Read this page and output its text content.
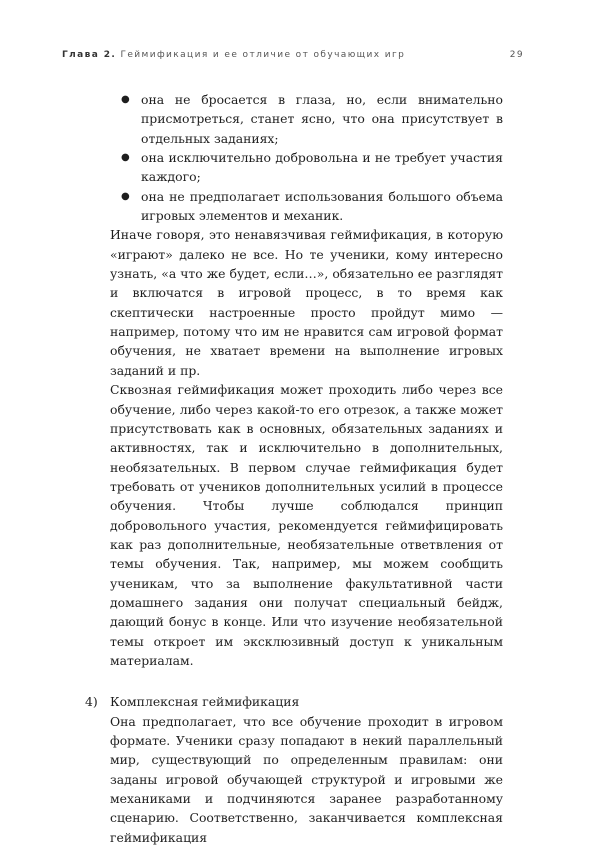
Глава 2. Геймификация и ее отличие от обучающих игр	29
● она не бросается в глаза, но, если внимательно присмотреться, станет ясно, что она присутствует в отдельных заданиях;
● она исключительно добровольна и не требует участия каждого;
● она не предполагает использования большого объема игровых элементов и механик.

Иначе говоря, это ненавязчивая геймификация, в которую «играют» далеко не все. Но те ученики, кому интересно узнать, «а что же будет, если…», обязательно ее разглядят и включатся в игровой процесс, в то время как скептически настроенные просто пройдут мимо — например, потому что им не нравится сам игровой формат обучения, не хватает времени на выполнение игровых заданий и пр.

Сквозная геймификация может проходить либо через все обучение, либо через какой-то его отрезок, а также может присутствовать как в основных, обязательных заданиях и активностях, так и исключительно в дополнительных, необязательных. В первом случае геймификация будет требовать от учеников дополнительных усилий в процессе обучения. Чтобы лучше соблюдался принцип добровольного участия, рекомендуется геймифицировать как раз дополнительные, необязательные ответвления от темы обучения. Так, например, мы можем сообщить ученикам, что за выполнение факультативной части домашнего задания они получат специальный бейдж, дающий бонус в конце. Или что изучение необязательной темы откроет им эксклюзивный доступ к уникальным материалам.

4) Комплексная геймификация

Она предполагает, что все обучение проходит в игровом формате. Ученики сразу попадают в некий параллельный мир, существующий по определенным правилам: они заданы игровой обучающей структурой и игровыми же механиками и подчиняются заранее разработанному сценарию. Соответственно, заканчивается комплексная геймификация
